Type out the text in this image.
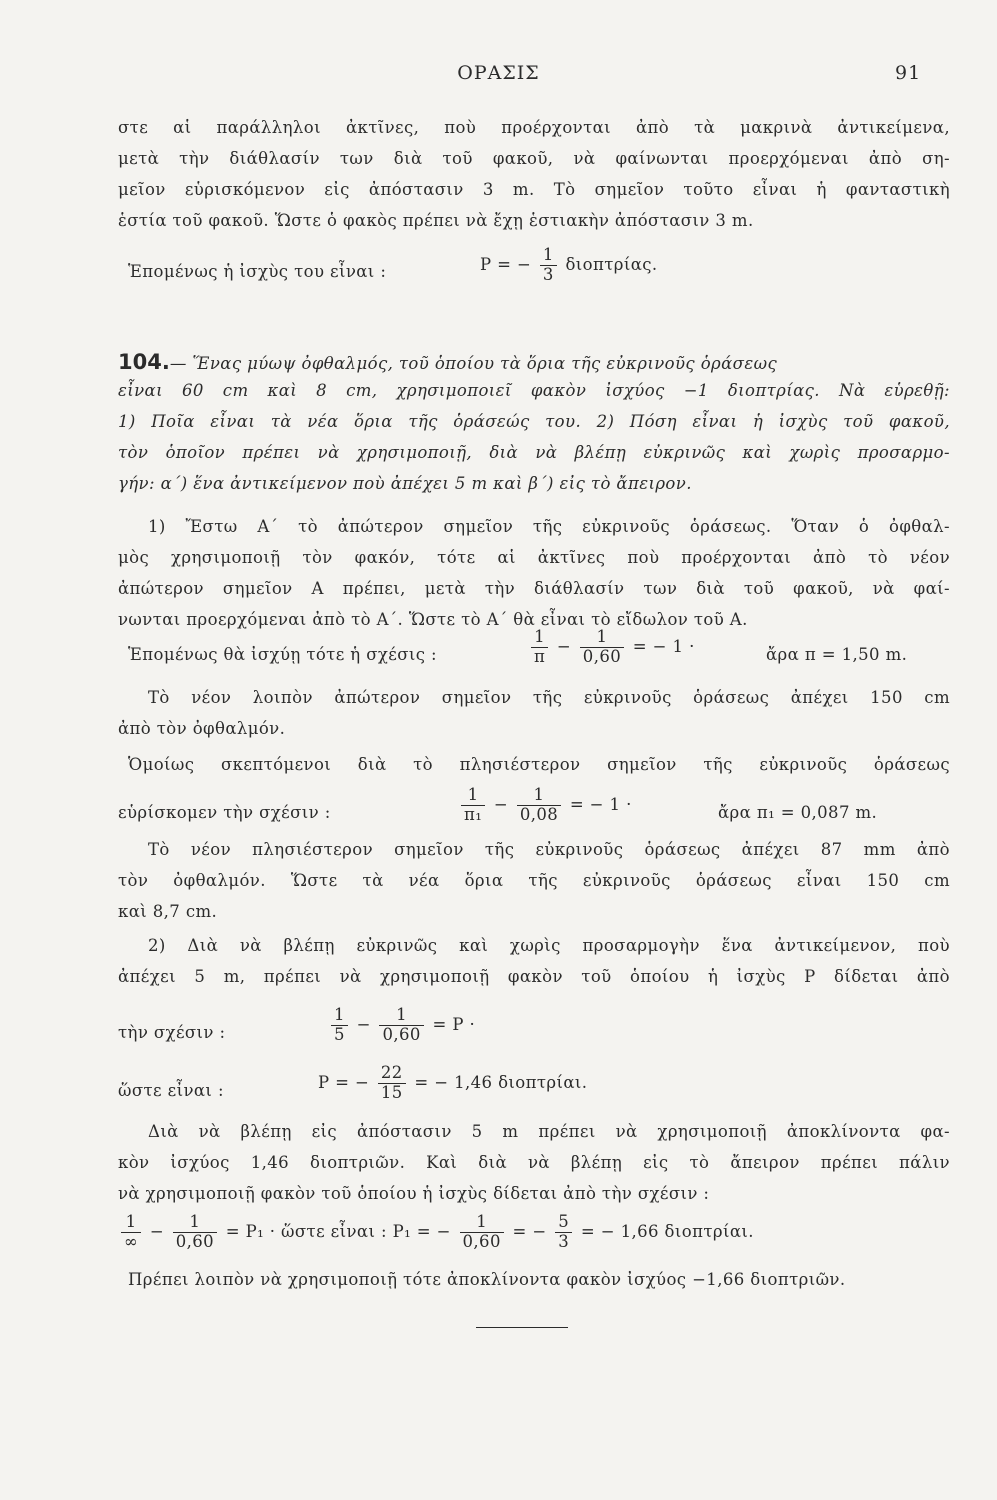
ΟΡΑΣΙΣ	91
στε αἱ παράλληλοι ἀκτῖνες, ποὺ προέρχονται ἀπὸ τὰ μακρινὰ ἀντικείμενα,
μετὰ τὴν διάθλασίν των διὰ τοῦ φακοῦ, νὰ φαίνωνται προερχόμεναι ἀπὸ ση-
μεῖον εὑρισκόμενον εἰς ἀπόστασιν 3 m. Τὸ σημεῖον τοῦτο εἶναι ἡ φανταστικὴ
ἑστία τοῦ φακοῦ. Ὥστε ὁ φακὸς πρέπει νὰ ἔχῃ ἑστιακὴν ἀπόστασιν 3 m.
Ἑπομένως ἡ ἰσχὺς του εἶναι :	P = − $\frac{1}{3} \delta\iota o\pi\tau\rho ί\alpha\varsigma$.
104.— Ἕνας μύωψ ὀφθαλμός, τοῦ ὁποίου τὰ ὅρια τῆς εὐκρινοῦς ὁράσεως
εἶναι 60 cm καὶ 8 cm, χρησιμοποιεῖ φακὸν ἰσχύος −1 διοπτρίας. Νὰ εὑρεθῇ:
1) Ποῖα εἶναι τὰ νέα ὅρια τῆς ὁράσεώς του. 2) Πόση εἶναι ἡ ἰσχὺς τοῦ φακοῦ,
τὸν ὁποῖον πρέπει νὰ χρησιμοποιῇ, διὰ νὰ βλέπῃ εὐκρινῶς καὶ χωρὶς προσαρμο-
γήν: α΄) ἕνα ἀντικείμενον ποὺ ἀπέχει 5 m καὶ β΄) εἰς τὸ ἄπειρον.
1) Ἔστω Α΄ τὸ ἀπώτερον σημεῖον τῆς εὐκρινοῦς ὁράσεως. Ὅταν ὁ ὀφθαλ-
μὸς χρησιμοποιῇ τὸν φακόν, τότε αἱ ἀκτῖνες ποὺ προέρχονται ἀπὸ τὸ νέον
ἀπώτερον σημεῖον Α πρέπει, μετὰ τὴν διάθλασίν των διὰ τοῦ φακοῦ, νὰ φαί-
νωνται προερχόμεναι ἀπὸ τὸ Α΄. Ὥστε τὸ Α΄ θὰ εἶναι τὸ εἴδωλον τοῦ Α.
Ἑπομένως θὰ ἰσχύῃ τότε ἡ σχέσις :	$\frac{1}{\pi} - \frac{1}{0,60}$ = − 1 ·	ἄρα π = 1,50 m.
Τὸ νέον λοιπὸν ἀπώτερον σημεῖον τῆς εὐκρινοῦς ὁράσεως ἀπέχει 150 cm
ἀπὸ τὸν ὀφθαλμόν.
Ὁμοίως σκεπτόμενοι διὰ τὸ πλησιέστερον σημεῖον τῆς εὐκρινοῦς ὁράσεως
εὑρίσκομεν τὴν σχέσιν :	$\frac{1}{\text{π₁}} - \frac{1}{0,08}$ = − 1 ·	ἄρα π₁ = 0,087 m.
Τὸ νέον πλησιέστερον σημεῖον τῆς εὐκρινοῦς ὁράσεως ἀπέχει 87 mm ἀπὸ
τὸν ὀφθαλμόν. Ὥστε τὰ νέα ὅρια τῆς εὐκρινοῦς ὁράσεως εἶναι 150 cm
καὶ 8,7 cm.
2) Διὰ νὰ βλέπῃ εὐκρινῶς καὶ χωρὶς προσαρμογὴν ἕνα ἀντικείμενον, ποὺ
ἀπέχει 5 m, πρέπει νὰ χρησιμοποιῇ φακὸν τοῦ ὁποίου ἡ ἰσχὺς P δίδεται ἀπὸ
τὴν σχέσιν :	$\frac{1}{5} - \frac{1}{0,60} = P$ ·
ὥστε εἶναι :	P = − $\frac{22}{15}$ = − 1,46 διοπτρίαι.
Διὰ νὰ βλέπῃ εἰς ἀπόστασιν 5 m πρέπει νὰ χρησιμοποιῇ ἀποκλίνοντα φα-
κὸν ἰσχύος 1,46 διοπτριῶν. Καὶ διὰ νὰ βλέπῃ εἰς τὸ ἄπειρον πρέπει πάλιν
νὰ χρησιμοποιῇ φακὸν τοῦ ὁποίου ἡ ἰσχὺς δίδεται ἀπὸ τὴν σχέσιν :
$\frac{1}{\infty} - \frac{1}{0,60} = P_1$ · ὥστε εἶναι : P₁ = − $\frac{1}{0,60}$ = − $\frac{5}{3}$ = − 1,66 διοπτρίαι.
Πρέπει λοιπὸν νὰ χρησιμοποιῇ τότε ἀποκλίνοντα φακὸν ἰσχύος −1,66 διοπτριῶν.
